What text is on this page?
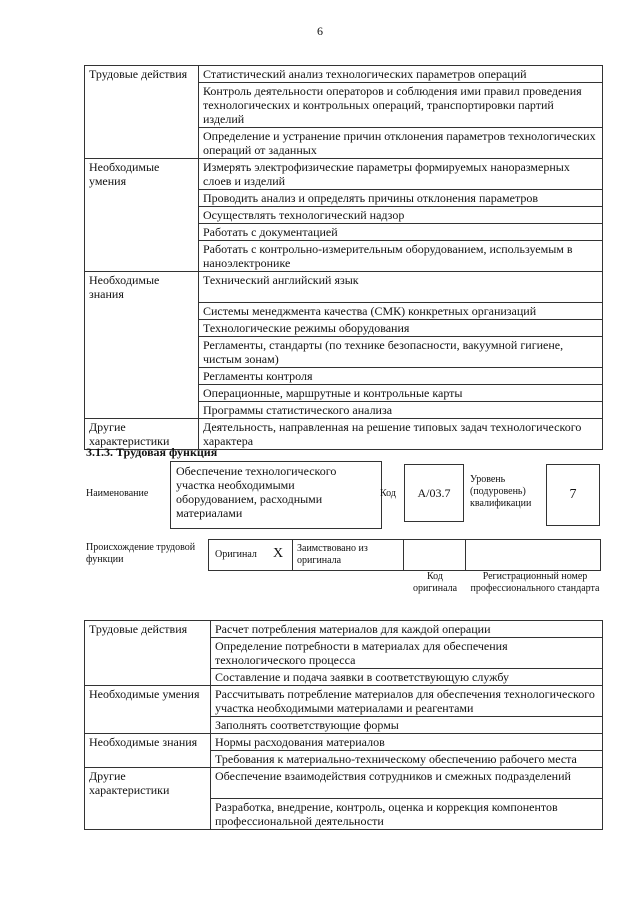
6
Трудовые действия	Статистический анализ технологических параметров операций
	Контроль деятельности операторов и соблюдения ими правил проведения технологических и контрольных операций, транспортировки партий изделий
	Определение и устранение причин отклонения параметров технологических операций от заданных
Необходимые умения	Измерять электрофизические параметры формируемых наноразмерных слоев и изделий
	Проводить анализ и определять причины отклонения параметров
	Осуществлять технологический надзор
	Работать с документацией
	Работать с контрольно-измерительным оборудованием, используемым в наноэлектронике
Необходимые знания	Технический английский язык
	Системы менеджмента качества (СМК) конкретных организаций
	Технологические режимы оборудования
	Регламенты, стандарты (по технике безопасности, вакуумной гигиене, чистым зонам)
	Регламенты контроля
	Операционные, маршрутные и контрольные карты
	Программы статистического анализа
Другие характеристики	Деятельность, направленная на решение типовых задач технологического характера
3.1.3. Трудовая функция
Наименование
Обеспечение технологического участка необходимыми оборудованием, расходными материалами
Код A/03.7
Уровень (подуровень) квалификации
7
Происхождение трудовой функции	Оригинал X Заимствовано из оригинала
Код оригинала
Регистрационный номер профессионального стандарта
Трудовые действия	Расчет потребления материалов для каждой операции
	Определение потребности в материалах для обеспечения технологического процесса
	Составление и подача заявки в соответствующую службу
Необходимые умения	Рассчитывать потребление материалов для обеспечения технологического участка необходимыми материалами и реагентами
	Заполнять соответствующие формы
Необходимые знания	Нормы расходования материалов
	Требования к материально-техническому обеспечению рабочего места
Другие характеристики	Обеспечение взаимодействия сотрудников и смежных подразделений
	Разработка, внедрение, контроль, оценка и коррекция компонентов профессиональной деятельности
